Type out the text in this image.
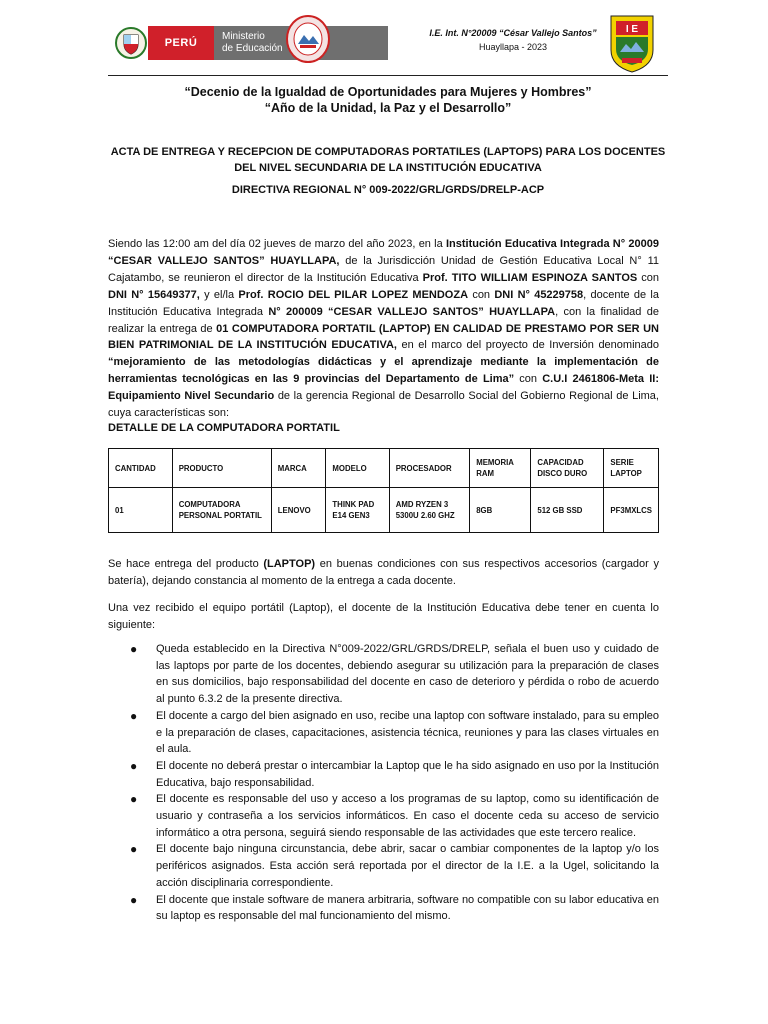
PERÚ
Ministerio
de Educación
I.E. Int. N°20009 “César Vallejo Santos”
Huayllapa - 2023
I E
“Decenio de la Igualdad de Oportunidades para Mujeres y Hombres”
“Año de la Unidad, la Paz y el Desarrollo”
ACTA DE ENTREGA Y RECEPCION DE COMPUTADORAS PORTATILES (LAPTOPS) PARA LOS DOCENTES
DEL NIVEL SECUNDARIA DE LA INSTITUCIÓN EDUCATIVA
DIRECTIVA REGIONAL N° 009-2022/GRL/GRDS/DRELP-ACP
Siendo las 12:00 am del día 02 jueves de marzo del año 2023, en la Institución Educativa Integrada N° 20009 “CESAR VALLEJO SANTOS” HUAYLLAPA, de la Jurisdicción Unidad de Gestión Educativa Local N° 11 Cajatambo, se reunieron el director de la Institución Educativa Prof. TITO WILLIAM ESPINOZA SANTOS con DNI N° 15649377, y el/la Prof. ROCIO DEL PILAR LOPEZ MENDOZA con DNI N° 45229758, docente de la Institución Educativa Integrada N° 200009 “CESAR VALLEJO SANTOS” HUAYLLAPA, con la finalidad de realizar la entrega de 01 COMPUTADORA PORTATIL (LAPTOP) EN CALIDAD DE PRESTAMO POR SER UN BIEN PATRIMONIAL DE LA INSTITUCIÓN EDUCATIVA, en el marco del proyecto de Inversión denominado “mejoramiento de las metodologías didácticas y el aprendizaje mediante la implementación de herramientas tecnológicas en las 9 provincias del Departamento de Lima” con C.U.I 2461806-Meta II: Equipamiento Nivel Secundario de la gerencia Regional de Desarrollo Social del Gobierno Regional de Lima, cuya características son:
DETALLE DE LA COMPUTADORA PORTATIL
CANTIDAD	PRODUCTO	MARCA	MODELO	PROCESADOR	MEMORIA RAM	CAPACIDAD DISCO DURO	SERIE LAPTOP
01	COMPUTADORA PERSONAL PORTATIL	LENOVO	THINK PAD E14 GEN3	AMD RYZEN 3 5300U 2.60 GHZ	8GB	512 GB SSD	PF3MXLCS
Se hace entrega del producto (LAPTOP) en buenas condiciones con sus respectivos accesorios (cargador y batería), dejando constancia al momento de la entrega a cada docente.
Una vez recibido el equipo portátil (Laptop), el docente de la Institución Educativa debe tener en cuenta lo siguiente:
● Queda establecido en la Directiva N°009-2022/GRL/GRDS/DRELP, señala el buen uso y cuidado de las laptops por parte de los docentes, debiendo asegurar su utilización para la preparación de clases en sus domicilios, bajo responsabilidad del docente en caso de deterioro y pérdida o robo de acuerdo al punto 6.3.2 de la presente directiva.
● El docente a cargo del bien asignado en uso, recibe una laptop con software instalado, para su empleo e la preparación de clases, capacitaciones, asistencia técnica, reuniones y para las clases virtuales en el aula.
● El docente no deberá prestar o intercambiar la Laptop que le ha sido asignado en uso por la Institución Educativa, bajo responsabilidad.
● El docente es responsable del uso y acceso a los programas de su laptop, como su identificación de usuario y contraseña a los servicios informáticos. En caso el docente ceda su acceso de servicio informático a otra persona, seguirá siendo responsable de las actividades que este tercero realice.
● El docente bajo ninguna circunstancia, debe abrir, sacar o cambiar componentes de la laptop y/o los periféricos asignados. Esta acción será reportada por el director de la I.E. a la Ugel, solicitando la acción disciplinaria correspondiente.
● El docente que instale software de manera arbitraria, software no compatible con su labor educativa en su laptop es responsable del mal funcionamiento del mismo.
